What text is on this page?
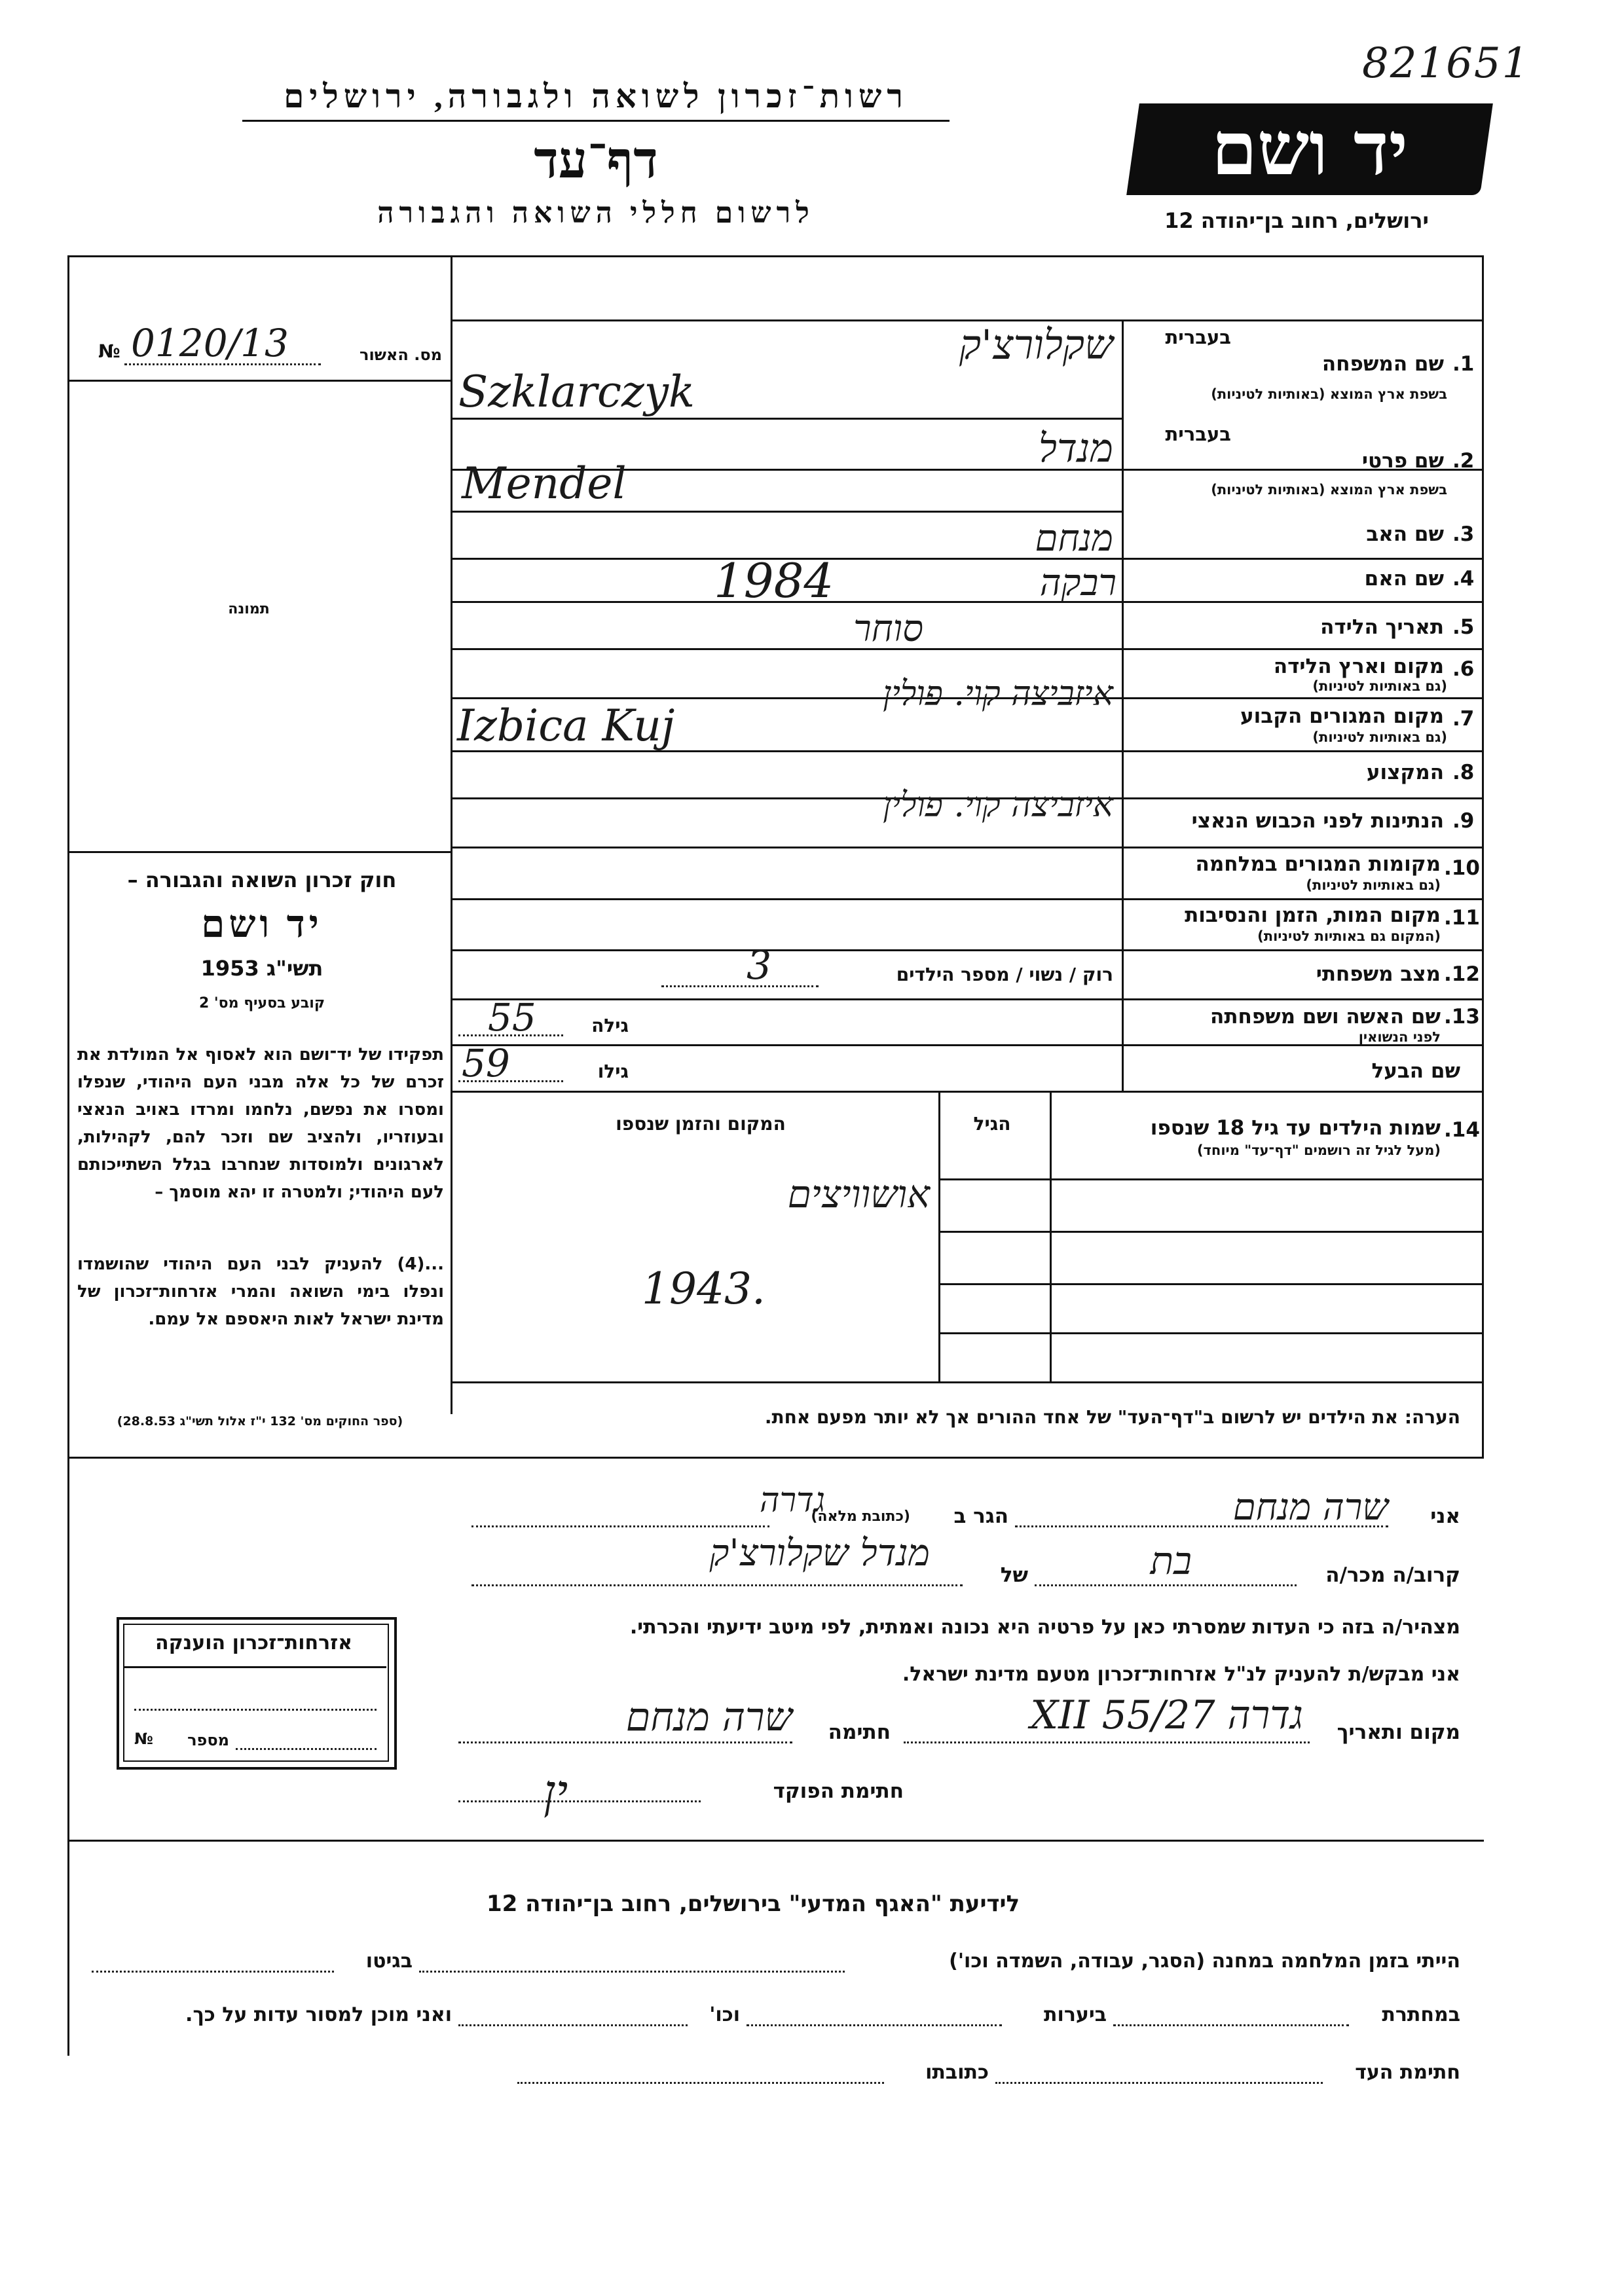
821651
רשות־זכרון לשואה ולגבורה, ירושלים
דף־עד
לרשום חללי השואה והגבורה
יד ושם
ירושלים, רחוב בן־יהודה 12
№ 0120/13	מס. האשור
תמונה
בעברית
.1
שם המשפחה
בשפת ארץ המוצא (באותיות לטיניות)
שקלורצ'ק
Szklarczyk
בעברית
.2
שם פרטי
בשפת ארץ המוצא (באותיות לטיניות)
מנדל
Mendel
.3
שם האב
מנחם
.4
שם האם
רבקה
.5
תאריך הלידה
1984
.6
מקום וארץ הלידה
(גם באותיות לטיניות)
סוחר
.7
מקום המגורים הקבוע
(גם באותיות לטיניות)
Izbica Kuj
איזביצה קוי. פולין
.8
המקצוע
.9
הנתינות לפני הכבוש הנאצי
איזביצה קוי. פולין
.10
מקומות המגורים במלחמה
(גם באותיות לטיניות)
.11
מקום המות, הזמן והנסיבות
(המקום גם באותיות לטיניות)
.12
מצב משפחתי
רוק / נשוי / מספר הילדים
3
.13
שם האשה ושם משפחתה
לפני הנשואין
גילה
55
שם הבעל
גילו
59
.14
שמות הילדים עד גיל 18 שנספו
(מעל לגיל זה רושמים "דף־עד" מיוחד)
הגיל
המקום והזמן שנספו
אושוויצים
1943.
הערה: את הילדים יש לרשום ב"דף־העד" של אחד ההורים אך לא יותר מפעם אחת.
חוק זכרון השואה והגבורה –
יד ושם
תשי"ג 1953
קובע בסעיף מס' 2
תפקידו של יד־ושם הוא לאסוף אל המולדת את זכרם של כל אלה מבני העם היהודי, שנפלו ומסרו את נפשם, נלחמו ומרדו באויב הנאצי ובעוזריו, ולהציב שם וזכר להם, לקהילות, לארגונים ולמוסדות שנחרבו בגלל השתייכותם לעם היהודי; ולמטרה זו יהא מוסמך –
...(4) להעניק לבני העם היהודי שהושמדו ונפלו בימי השואה והמרי אזרחות־זכרון של מדינת ישראל לאות היאספם אל עמם.
(ספר החוקים מס' 132 י"ז אלול תשי"ג 28.8.53)
אני
שרה מנחם
הגר ב
(כתובת מלאה)
גדרה
קרוב/ה מכר/ה
בת
של
מנדל שקלורצ'ק
מצהיר/ה בזה כי העדות שמסרתי כאן על פרטיה היא נכונה ואמתית, לפי מיטב ידיעתי והכרתי.
אני מבקש/ת להעניק לנ"ל אזרחות־זכרון מטעם מדינת ישראל.
מקום ותאריך
גדרה 27/XII 55
חתימה
שרה מנחם
חתימת הפוקד
ין
אזרחות־זכרון הוענקה
№	מספר
לידיעת "האגף המדעי" בירושלים, רחוב בן־יהודה 12
הייתי בזמן המלחמה במחנה (הסגר, עבודה, השמדה וכו')
בגיטו
במחתרת
ביערות
וכו'
ואני מוכן למסור עדות על כך.
חתימת העד
כתובתו
